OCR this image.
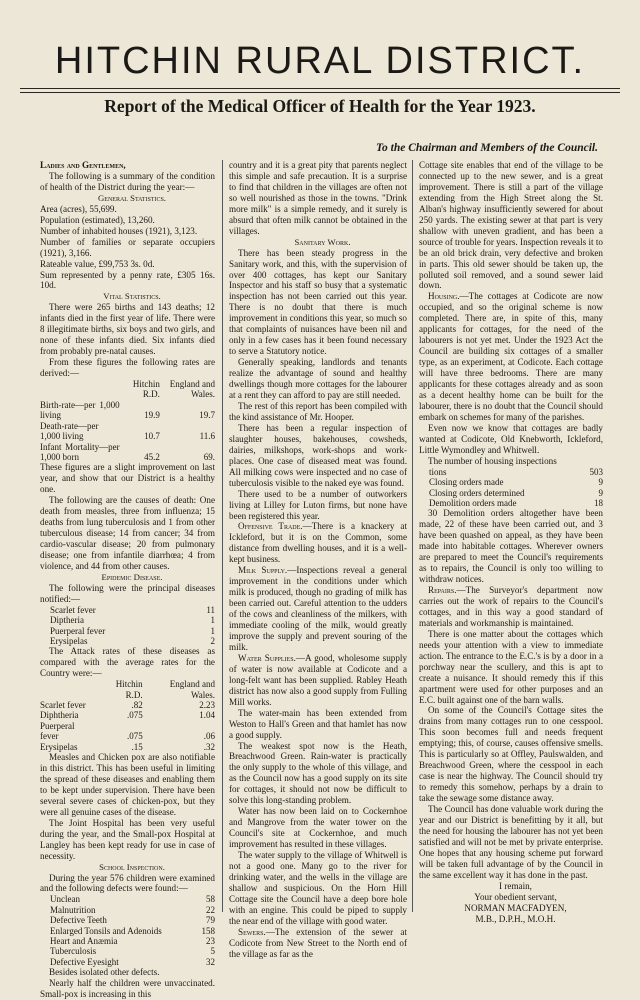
HITCHIN RURAL DISTRICT.
Report of the Medical Officer of Health for the Year 1923.
To the Chairman and Members of the Council.

Ladies and Gentlemen,

The following is a summary of the condition of health of the District during the year:—

General Statistics.

Area (acres), 55,699.

Population (estimated), 13,260.

Number of inhabited houses (1921), 3,123.

Number of families or separate occupiers (1921), 3,166.

Rateable value, £99,753 3s. 0d.

Sum represented by a penny rate, £305 16s. 10d.

Vital Statistics.

There were 265 births and 143 deaths; 12 infants died in the first year of life. There were 8 illegitimate births, six boys and two girls, and none of these infants died. Six infants died from probably pre-natal causes.

From these figures the following rates are derived:—

	Hitchin R.D.	England and Wales.
Birth-rate—per 1,000 living	19.9	19.7
Death-rate—per 1,000 living	10.7	11.6
Infant Mortality—per 1,000 born	45.2	69.

These figures are a slight improvement on last year, and show that our District is a healthy one.

The following are the causes of death: One death from measles, three from influenza; 15 deaths from lung tuberculosis and 1 from other tuberculous disease; 14 from cancer; 34 from cardio-vascular disease; 20 from pulmonary disease; one from infantile diarrhœa; 4 from violence, and 44 from other causes.

Epidemic Disease.

The following were the principal diseases notified:—

Scarlet fever	11
Diptheria	1
Puerperal fever	1
Erysipelas	2

The Attack rates of these diseases as compared with the average rates for the Country were:—

	Hitchin R.D.	England and Wales.
Scarlet fever	.82	2.23
Diphtheria	.075	1.04
Puerperal fever	.075	.06
Erysipelas	.15	.32

Measles and Chicken pox are also notifiable in this district. This has been useful in limiting the spread of these diseases and enabling them to be kept under supervision. There have been several severe cases of chicken-pox, but they were all genuine cases of the disease.

The Joint Hospital has been very useful during the year, and the Small-pox Hospital at Langley has been kept ready for use in case of necessity.

School Inspection.

During the year 576 children were examined and the following defects were found:—

Unclean	58
Malnutrition	22
Defective Teeth	79
Enlarged Tonsils and Adenoids	158
Heart and Anæmia	23
Tuberculosis	5
Defective Eyesight	32

Besides isolated other defects.

Nearly half the children were unvaccinated. Small-pox is increasing in this

country and it is a great pity that parents neglect this simple and safe precaution. It is a surprise to find that children in the villages are often not so well nourished as those in the towns. "Drink more milk" is a simple remedy, and it surely is absurd that often milk cannot be obtained in the villages.

Sanitary Work.

There has been steady progress in the Sanitary work, and this, with the supervision of over 400 cottages, has kept our Sanitary Inspector and his staff so busy that a systematic inspection has not been carried out this year. There is no doubt that there is much improvement in conditions this year, so much so that complaints of nuisances have been nil and only in a few cases has it been found necessary to serve a Statutory notice.

Generally speaking, landlords and tenants realize the advantage of sound and healthy dwellings though more cottages for the labourer at a rent they can afford to pay are still needed.

The rest of this report has been compiled with the kind assistance of Mr. Hooper.

There has been a regular inspection of slaughter houses, bakehouses, cowsheds, dairies, milkshops, work-shops and work-places. One case of diseased meat was found. All milking cows were inspected and no case of tuberculosis visible to the naked eye was found.

There used to be a number of outworkers living at Lilley for Luton firms, but none have been registered this year.

Offensive Trade.—There is a knackery at Ickleford, but it is on the Common, some distance from dwelling houses, and it is a well-kept business.

Milk Supply.—Inspections reveal a general improvement in the conditions under which milk is produced, though no grading of milk has been carried out. Careful attention to the udders of the cows and cleanliness of the milkers, with immediate cooling of the milk, would greatly improve the supply and prevent souring of the milk.

Water Supplies.—A good, wholesome supply of water is now available at Codicote and a long-felt want has been supplied. Rabley Heath district has now also a good supply from Fulling Mill works.

The water-main has been extended from Weston to Hall's Green and that hamlet has now a good supply.

The weakest spot now is the Heath, Breachwood Green. Rain-water is practically the only supply to the whole of this village, and as the Council now has a good supply on its site for cottages, it should not now be difficult to solve this long-standing problem.

Water has now been laid on to Cockernhoe and Mangrove from the water tower on the Council's site at Cockernhoe, and much improvement has resulted in these villages.

The water supply to the village of Whitwell is not a good one. Many go to the river for drinking water, and the wells in the village are shallow and suspicious. On the Horn Hill Cottage site the Council have a deep bore hole with an engine. This could be piped to supply the near end of the village with good water.

Sewers.—The extension of the sewer at Codicote from New Street to the North end of the village as far as the

Cottage site enables that end of the village to be connected up to the new sewer, and is a great improvement. There is still a part of the village extending from the High Street along the St. Alban's highway insufficiently sewered for about 250 yards. The existing sewer at that part is very shallow with uneven gradient, and has been a source of trouble for years. Inspection reveals it to be an old brick drain, very defective and broken in parts. This old sewer should be taken up, the polluted soil removed, and a sound sewer laid down.

Housing.—The cottages at Codicote are now occupied, and so the original scheme is now completed. There are, in spite of this, many applicants for cottages, for the need of the labourers is not yet met. Under the 1923 Act the Council are building six cottages of a smaller type, as an experiment, at Codicote. Each cottage will have three bedrooms. There are many applicants for these cottages already and as soon as a decent healthy home can be built for the labourer, there is no doubt that the Council should embark on schemes for many of the parishes.

Even now we know that cottages are badly wanted at Codicote, Old Knebworth, Ickleford, Little Wymondley and Whitwell.

The number of housing inspections

tions	503
Closing orders made	9
Closing orders determined	9
Demolition orders made	18

30 Demolition orders altogether have been made, 22 of these have been carried out, and 3 have been quashed on appeal, as they have been made into habitable cottages. Wherever owners are prepared to meet the Council's requirements as to repairs, the Council is only too willing to withdraw notices.

Repairs.—The Surveyor's department now carries out the work of repairs to the Council's cottages, and in this way a good standard of materials and workmanship is maintained.

There is one matter about the cottages which needs your attention with a view to immediate action. The entrance to the E.C.'s is by a door in a porchway near the scullery, and this is apt to create a nuisance. It should remedy this if this apartment were used for other purposes and an E.C. built against one of the barn walls.

On some of the Council's Cottage sites the drains from many cottages run to one cesspool. This soon becomes full and needs frequent emptying; this, of course, causes offensive smells. This is particularly so at Offley, Paulswalden, and Breachwood Green, where the cesspool in each case is near the highway. The Council should try to remedy this somehow, perhaps by a drain to take the sewage some distance away.

The Council has done valuable work during the year and our District is benefitting by it all, but the need for housing the labourer has not yet been satisfied and will not be met by private enterprise. One hopes that any housing scheme put forward will be taken full advantage of by the Council in the same excellent way it has done in the past.

I remain,

Your obedient servant,

NORMAN MACFADYEN,

M.B., D.P.H., M.O.H.
